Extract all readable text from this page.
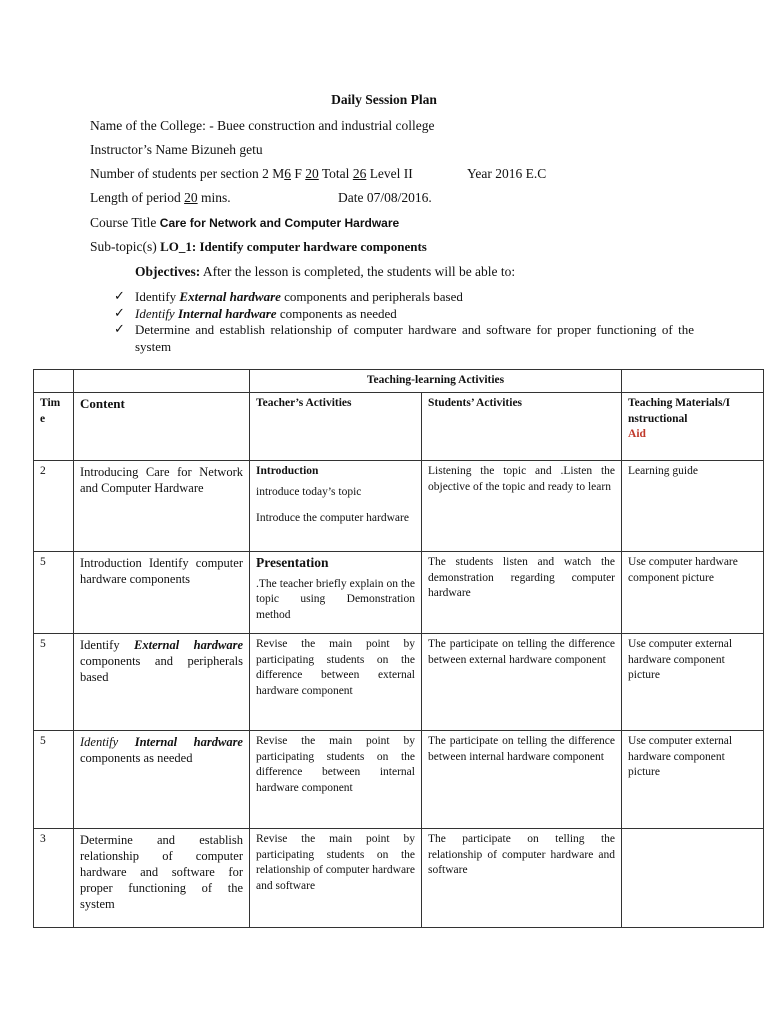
Daily Session Plan
Name of the College: - Buee construction and industrial college
Instructor’s Name Bizuneh getu
Number of students per section 2 M6 F 20 Total 26 Level II	Year 2016 E.C
Length of period 20 mins.	Date 07/08/2016.
Course Title Care for Network and Computer Hardware
Sub-topic(s) LO_1: Identify computer hardware components
Objectives: After the lesson is completed, the students will be able to:
✓ Identify External hardware components and peripherals based
✓ Identify Internal hardware components as needed
✓ Determine and establish relationship of computer hardware and software for proper functioning of the system
		Teaching-learning Activities		
Tim e	Content	Teacher’s Activities	Students’ Activities	Teaching Materials/I nstructional
Aid
2	Introducing Care for Network and Computer Hardware	Introduction
introduce today’s topic
Introduce the computer hardware	Listening the topic and .Listen the objective of the topic and ready to learn	Learning guide
5	Introduction Identify computer hardware components	Presentation
.The teacher briefly explain on the topic using Demonstration method	The students listen and watch the demonstration regarding computer hardware	Use computer hardware component picture
5	Identify External hardware components and peripherals based	Revise the main point by participating students on the difference between external hardware component	The participate on telling the difference between external hardware component	Use computer external hardware component picture
5	Identify Internal hardware components as needed	Revise the main point by participating students on the difference between internal hardware component	The participate on telling the difference between internal hardware component	Use computer external hardware component picture
3	Determine and establish relationship of computer hardware and software for proper functioning of the system	Revise the main point by participating students on the relationship of computer hardware and software	The participate on telling the relationship of computer hardware and software	
